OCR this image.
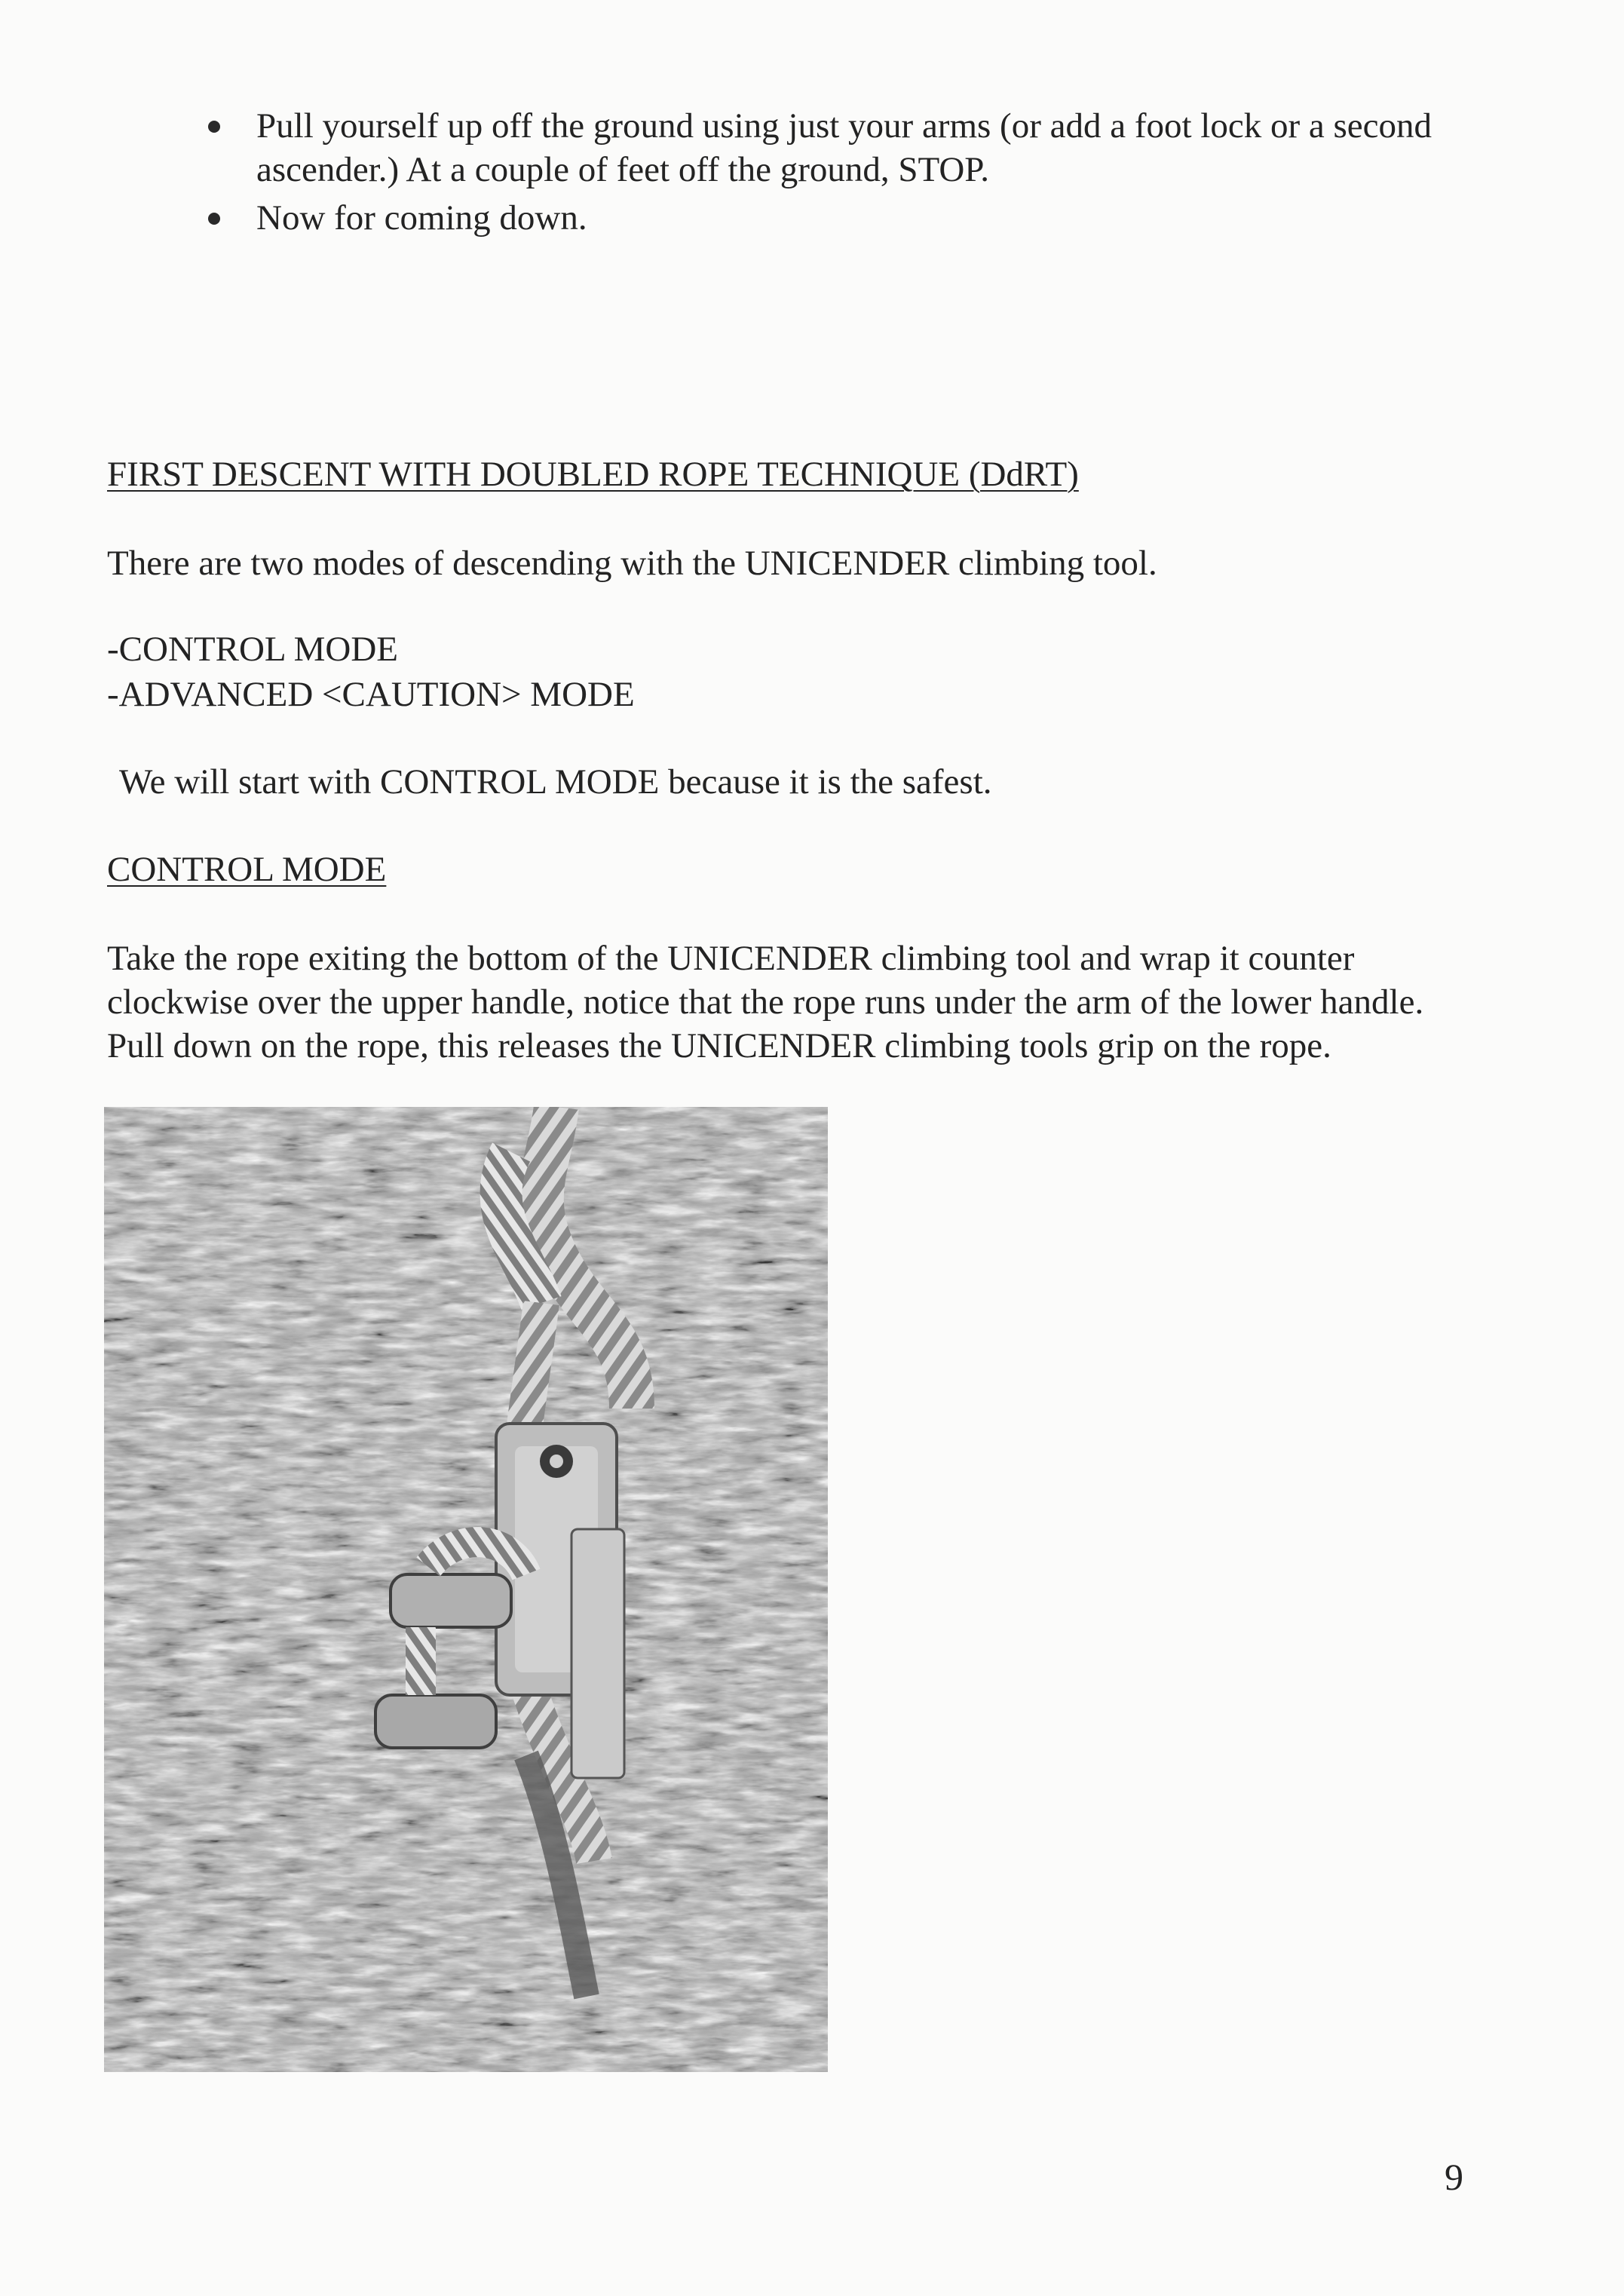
Pull yourself up off the ground using just your arms (or add a foot lock or a second ascender.) At a couple of feet off the ground, STOP.
Now for coming down.
FIRST DESCENT WITH DOUBLED ROPE TECHNIQUE (DdRT)
There are two modes of descending with the UNICENDER climbing tool.
-CONTROL MODE
-ADVANCED <CAUTION> MODE
We will start with CONTROL MODE because it is the safest.
CONTROL MODE
Take the rope exiting the bottom of the UNICENDER climbing tool and wrap it counter clockwise over the upper handle, notice that the rope runs under the arm of the lower handle. Pull down on the rope, this releases the UNICENDER climbing tools grip on the rope.
9
